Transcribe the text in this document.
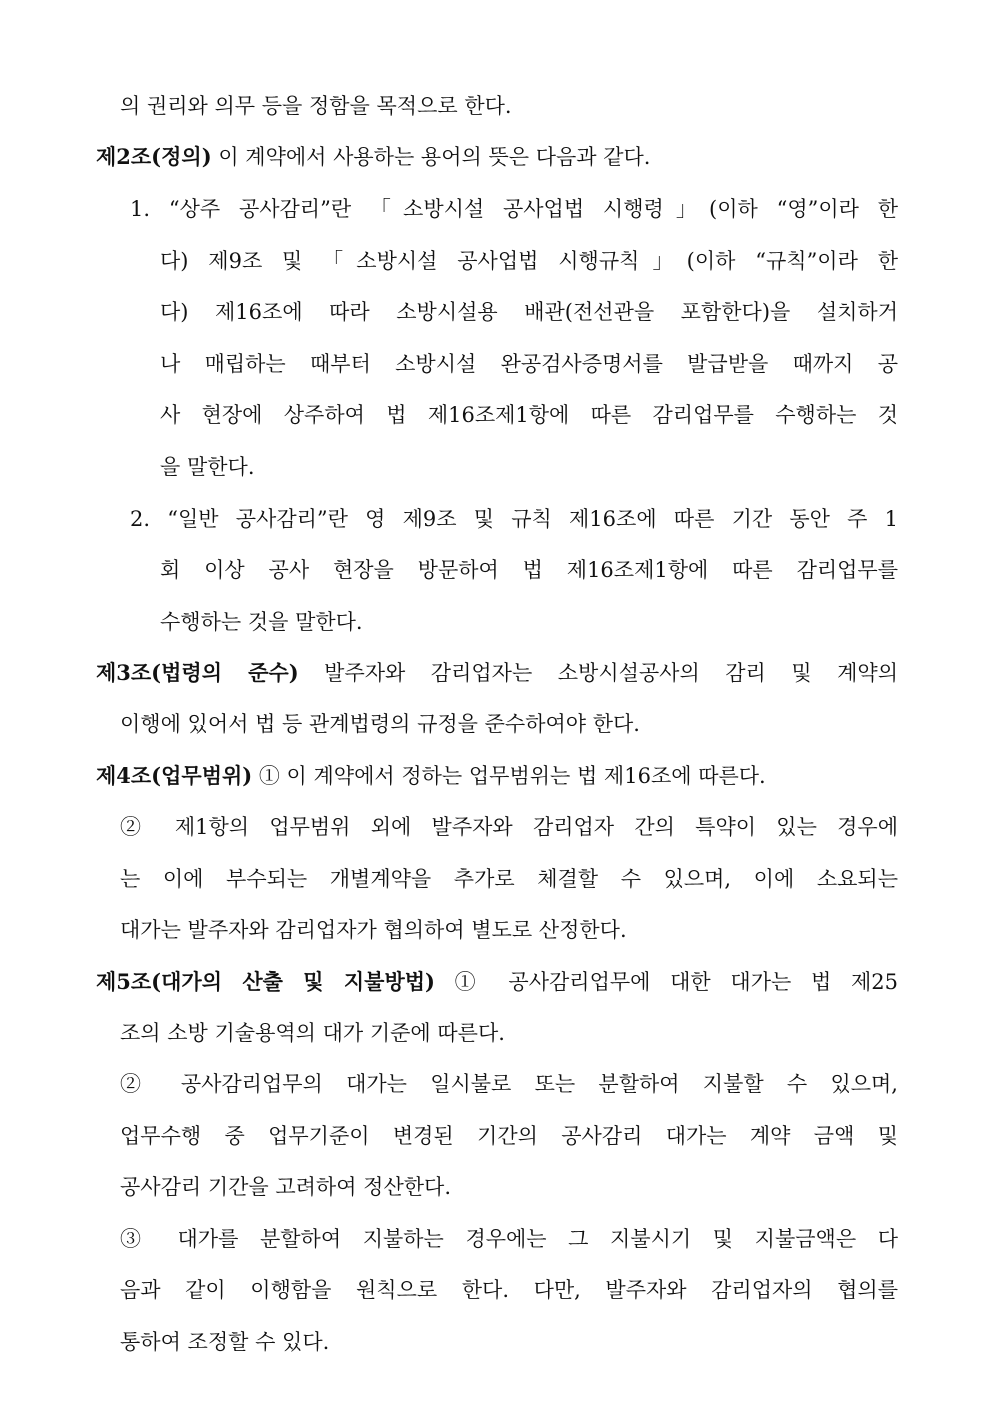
의 권리와 의무 등을 정함을 목적으로 한다.
제2조(정의) 이 계약에서 사용하는 용어의 뜻은 다음과 같다.
1. “상주 공사감리”란 「소방시설 공사업법 시행령」(이하 “영”이라 한
다) 제9조 및 「소방시설 공사업법 시행규칙」(이하 “규칙”이라 한
다) 제16조에 따라 소방시설용 배관(전선관을 포함한다)을 설치하거
나 매립하는 때부터 소방시설 완공검사증명서를 발급받을 때까지 공
사 현장에 상주하여 법 제16조제1항에 따른 감리업무를 수행하는 것
을 말한다.
2. “일반 공사감리”란 영 제9조 및 규칙 제16조에 따른 기간 동안 주 1
회 이상 공사 현장을 방문하여 법 제16조제1항에 따른 감리업무를
수행하는 것을 말한다.
제3조(법령의 준수) 발주자와 감리업자는 소방시설공사의 감리 및 계약의
이행에 있어서 법 등 관계법령의 규정을 준수하여야 한다.
제4조(업무범위) ① 이 계약에서 정하는 업무범위는 법 제16조에 따른다.
② 제1항의 업무범위 외에 발주자와 감리업자 간의 특약이 있는 경우에
는 이에 부수되는 개별계약을 추가로 체결할 수 있으며, 이에 소요되는
대가는 발주자와 감리업자가 협의하여 별도로 산정한다.
제5조(대가의 산출 및 지불방법) ① 공사감리업무에 대한 대가는 법 제25
조의 소방 기술용역의 대가 기준에 따른다.
② 공사감리업무의 대가는 일시불로 또는 분할하여 지불할 수 있으며,
업무수행 중 업무기준이 변경된 기간의 공사감리 대가는 계약 금액 및
공사감리 기간을 고려하여 정산한다.
③ 대가를 분할하여 지불하는 경우에는 그 지불시기 및 지불금액은 다
음과 같이 이행함을 원칙으로 한다. 다만, 발주자와 감리업자의 협의를
통하여 조정할 수 있다.
